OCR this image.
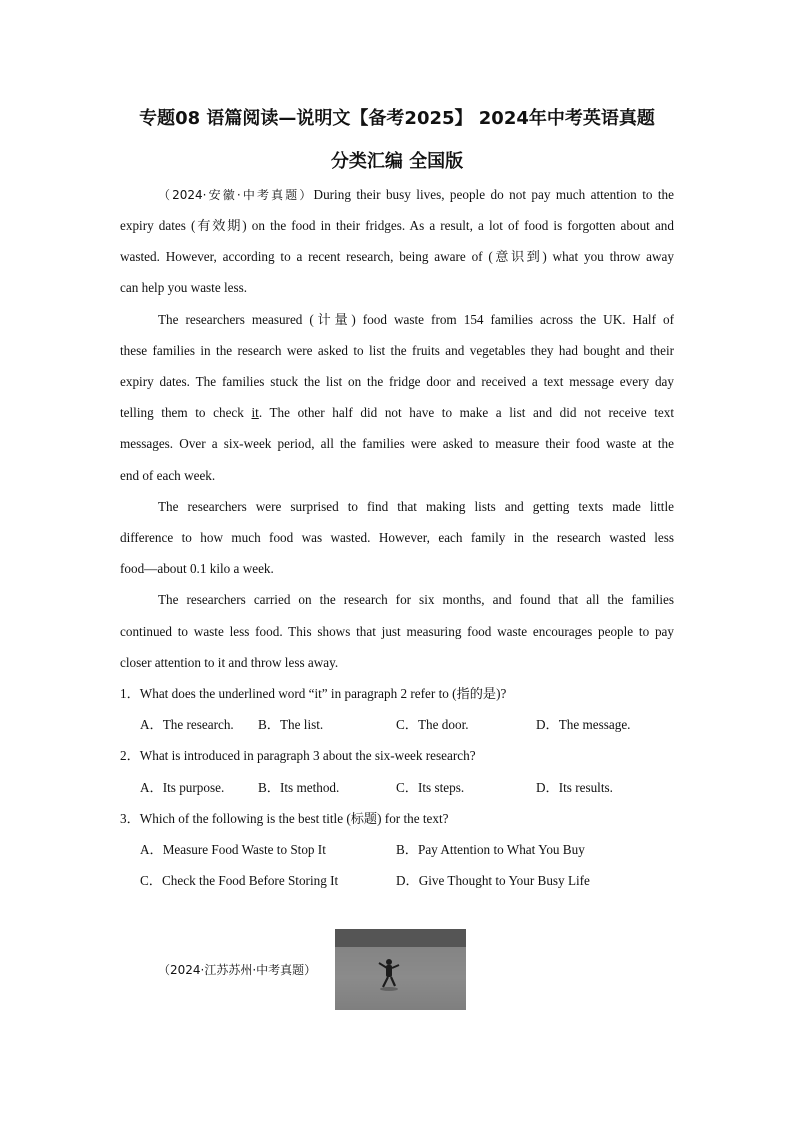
专题08 语篇阅读—说明文【备考2025】 2024年中考英语真题
分类汇编 全国版
（2024·安徽·中考真题）During their busy lives, people do not pay much attention to the
expiry dates (有效期) on the food in their fridges. As a result, a lot of food is forgotten about and
wasted. However, according to a recent research, being aware of (意识到) what you throw away
can help you waste less.
The researchers measured (计量) food waste from 154 families across the UK. Half of
these families in the research were asked to list the fruits and vegetables they had bought and their
expiry dates. The families stuck the list on the fridge door and received a text message every day
telling them to check it. The other half did not have to make a list and did not receive text
messages. Over a six-week period, all the families were asked to measure their food waste at the
end of each week.
The researchers were surprised to find that making lists and getting texts made little
difference to how much food was wasted. However, each family in the research wasted less
food—about 0.1 kilo a week.
The researchers carried on the research for six months, and found that all the families
continued to waste less food. This shows that just measuring food waste encourages people to pay
closer attention to it and throw less away.
1．What does the underlined word “it” in paragraph 2 refer to (指的是)?
A．The research. B．The list.	C．The door.	D．The message.
2．What is introduced in paragraph 3 about the six-week research?
A．Its purpose.	B．Its method.	C．Its steps.	D．Its results.
3．Which of the following is the best title (标题) for the text?
A．Measure Food Waste to Stop It	B．Pay Attention to What You Buy
C．Check the Food Before Storing It	D．Give Thought to Your Busy Life
（2024·江苏苏州·中考真题）
